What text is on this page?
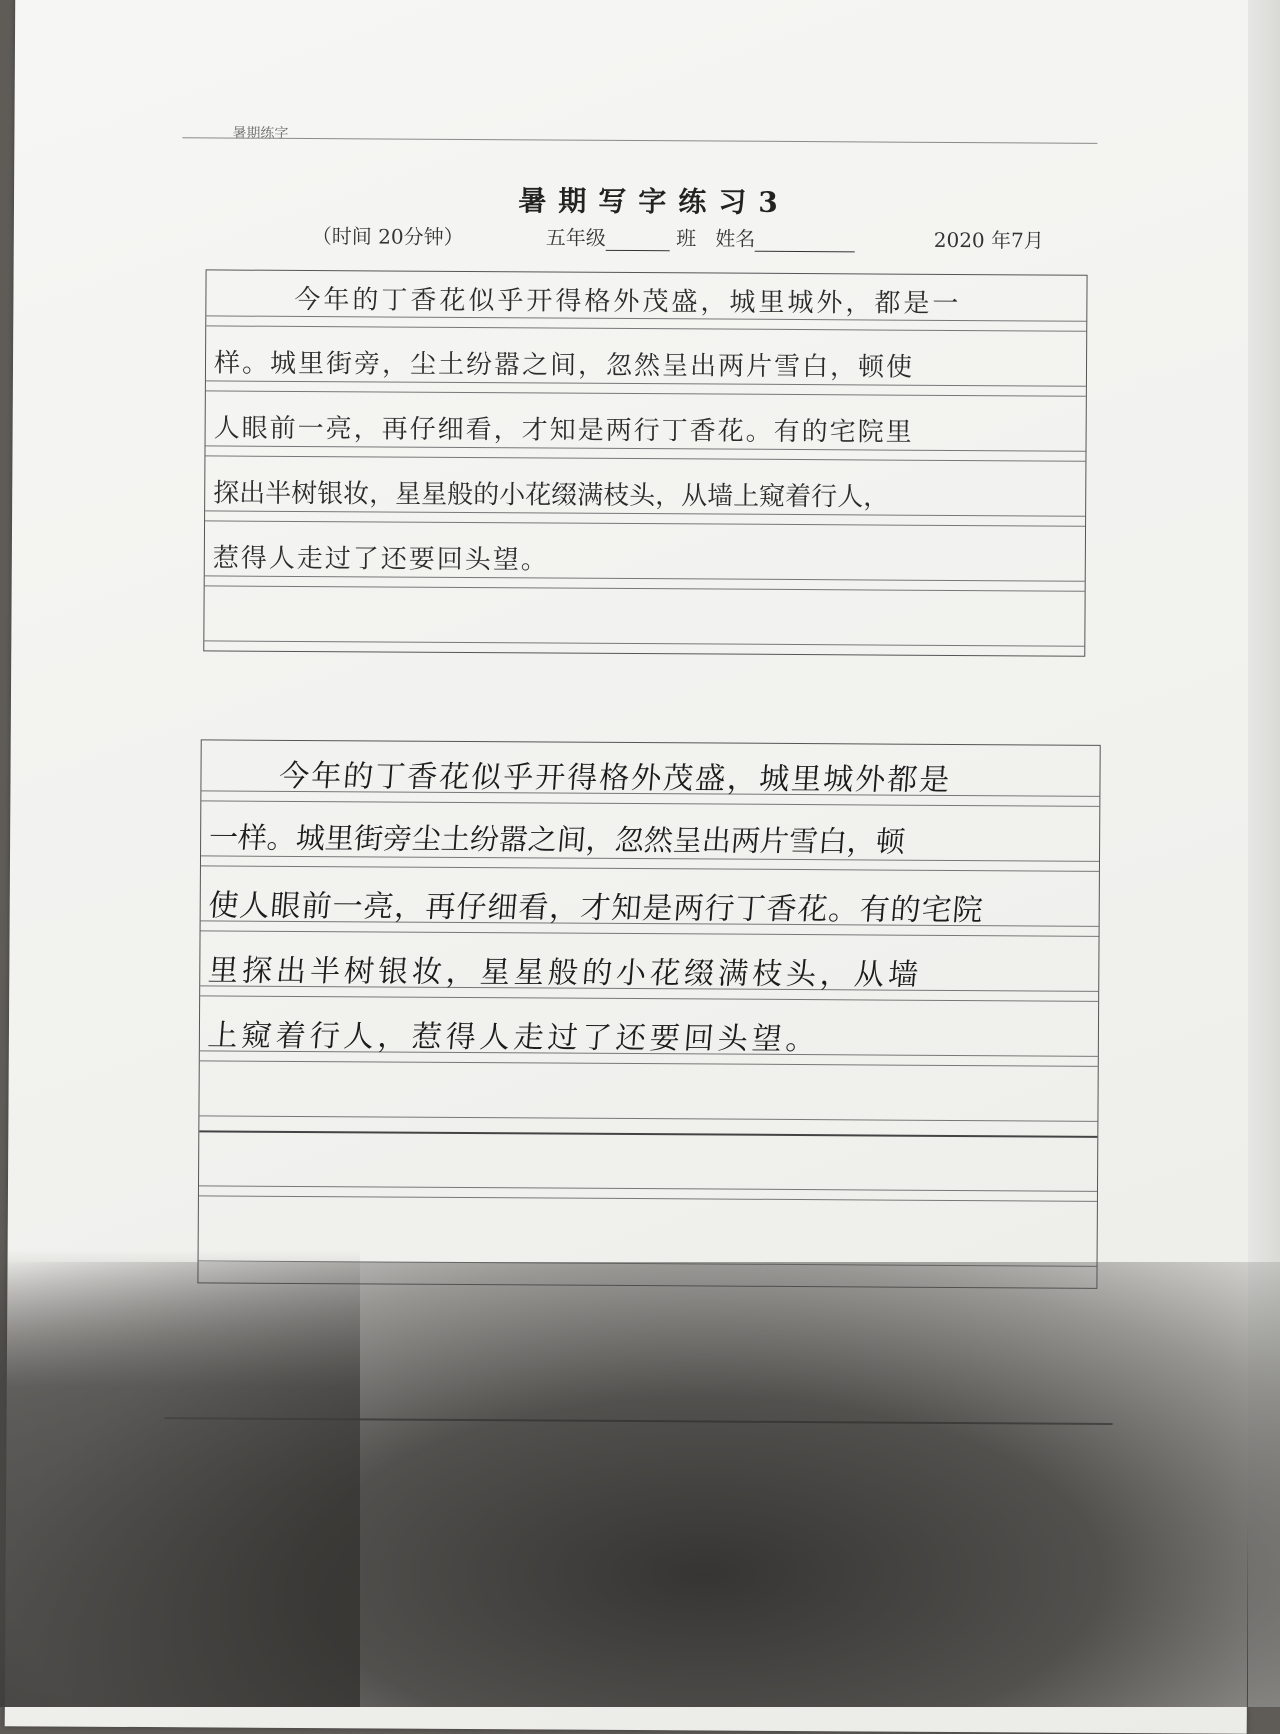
暑期练字
暑期写字练习3
（时间 20分钟）	五年级	班 姓名	2020 年7月
今年的丁香花似乎开得格外茂盛，城里城外，都是一
样。城里街旁，尘土纷嚣之间，忽然呈出两片雪白，顿使
人眼前一亮，再仔细看，才知是两行丁香花。有的宅院里
探出半树银妆，星星般的小花缀满枝头，从墙上窥着行人，
惹得人走过了还要回头望。
今年的丁香花似乎开得格外茂盛，城里城外都是
一样。城里街旁尘土纷嚣之间，忽然呈出两片雪白，顿
使人眼前一亮，再仔细看，才知是两行丁香花。有的宅院
里探出半树银妆，星星般的小花缀满枝头，从墙
上窥着行人，惹得人走过了还要回头望。
